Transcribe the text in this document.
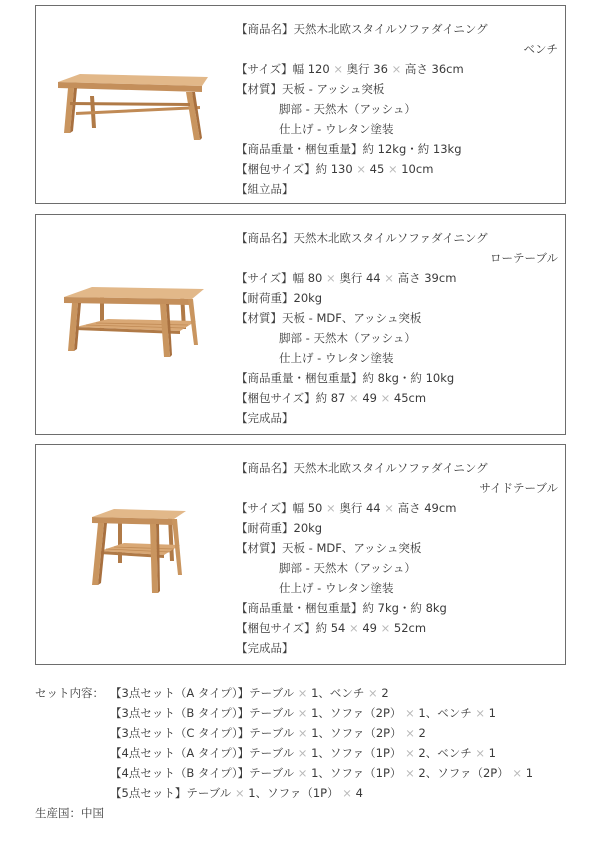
【商品名】天然木北欧スタイルソファダイニング
ベンチ
【サイズ】幅 120 × 奥行 36 × 高さ 36cm
【材質】天板 - アッシュ突板
脚部 - 天然木（アッシュ）
仕上げ - ウレタン塗装
【商品重量・梱包重量】約 12kg・約 13kg
【梱包サイズ】約 130 × 45 × 10cm
【組立品】
【商品名】天然木北欧スタイルソファダイニング
ローテーブル
【サイズ】幅 80 × 奥行 44 × 高さ 39cm
【耐荷重】20kg
【材質】天板 - MDF、アッシュ突板
脚部 - 天然木（アッシュ）
仕上げ - ウレタン塗装
【商品重量・梱包重量】約 8kg・約 10kg
【梱包サイズ】約 87 × 49 × 45cm
【完成品】
【商品名】天然木北欧スタイルソファダイニング
サイドテーブル
【サイズ】幅 50 × 奥行 44 × 高さ 49cm
【耐荷重】20kg
【材質】天板 - MDF、アッシュ突板
脚部 - 天然木（アッシュ）
仕上げ - ウレタン塗装
【商品重量・梱包重量】約 7kg・約 8kg
【梱包サイズ】約 54 × 49 × 52cm
【完成品】
セット内容： 【3点セット（A タイプ）】テーブル × 1、ベンチ × 2
【3点セット（B タイプ）】テーブル × 1、ソファ（2P） × 1、ベンチ × 1
【3点セット（C タイプ）】テーブル × 1、ソファ（2P） × 2
【4点セット（A タイプ）】テーブル × 1、ソファ（1P） × 2、ベンチ × 1
【4点セット（B タイプ）】テーブル × 1、ソファ（1P） × 2、ソファ（2P） × 1
【5点セット】テーブル × 1、ソファ（1P） × 4
生産国：中国
